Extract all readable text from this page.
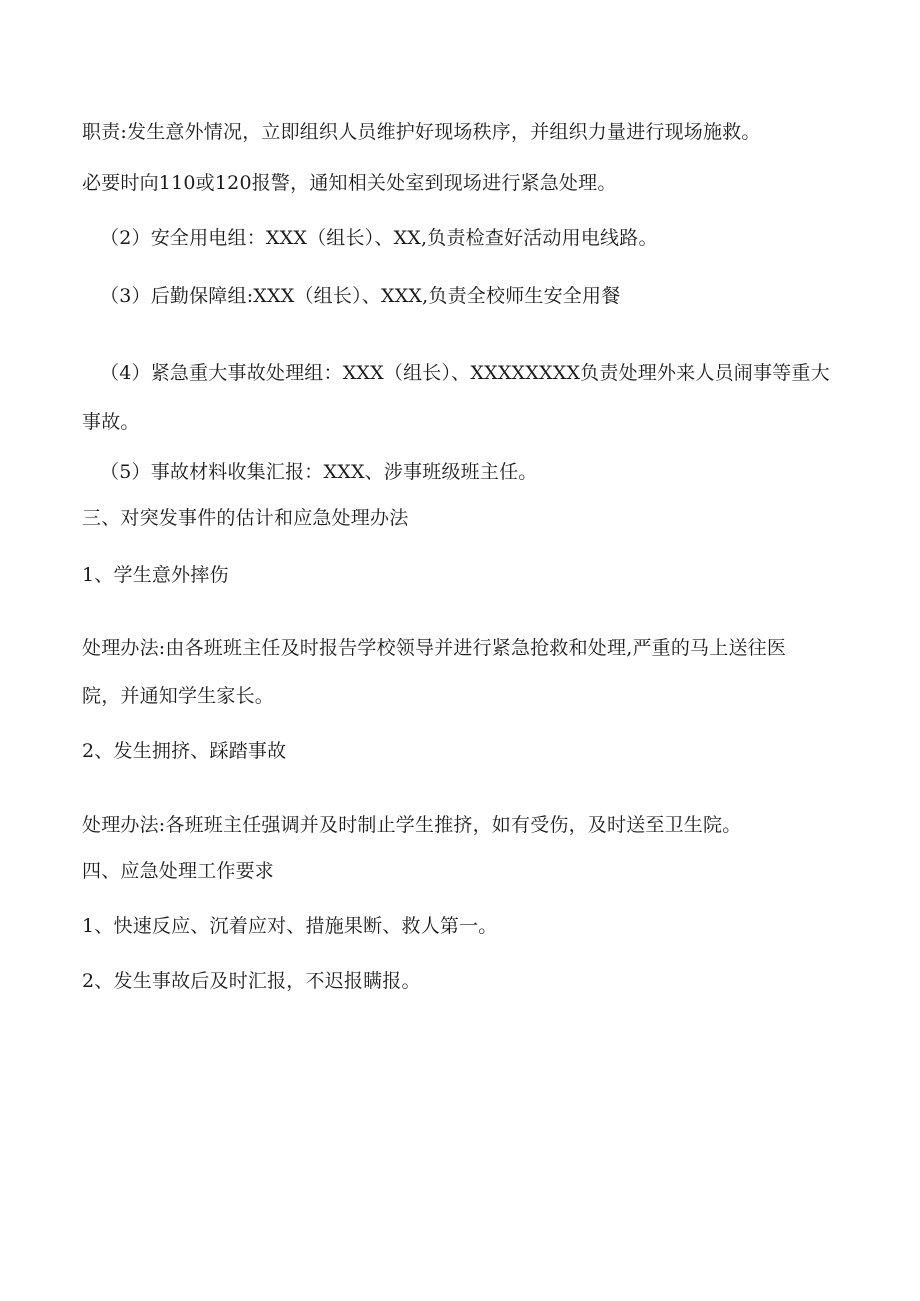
职责:发生意外情况，立即组织人员维护好现场秩序，并组织力量进行现场施救。
必要时向110或120报警，通知相关处室到现场进行紧急处理。
（2）安全用电组：XXX（组长）、XX,负责检查好活动用电线路。
（3）后勤保障组:XXX（组长）、XXX,负责全校师生安全用餐
（4）紧急重大事故处理组：XXX（组长）、XXXXXXXX负责处理外来人员闹事等重大
事故。
（5）事故材料收集汇报：XXX、涉事班级班主任。
三、对突发事件的估计和应急处理办法
1、学生意外摔伤
处理办法:由各班班主任及时报告学校领导并进行紧急抢救和处理,严重的马上送往医
院，并通知学生家长。
2、发生拥挤、踩踏事故
处理办法:各班班主任强调并及时制止学生推挤，如有受伤，及时送至卫生院。
四、应急处理工作要求
1、快速反应、沉着应对、措施果断、救人第一。
2、发生事故后及时汇报，不迟报瞒报。
